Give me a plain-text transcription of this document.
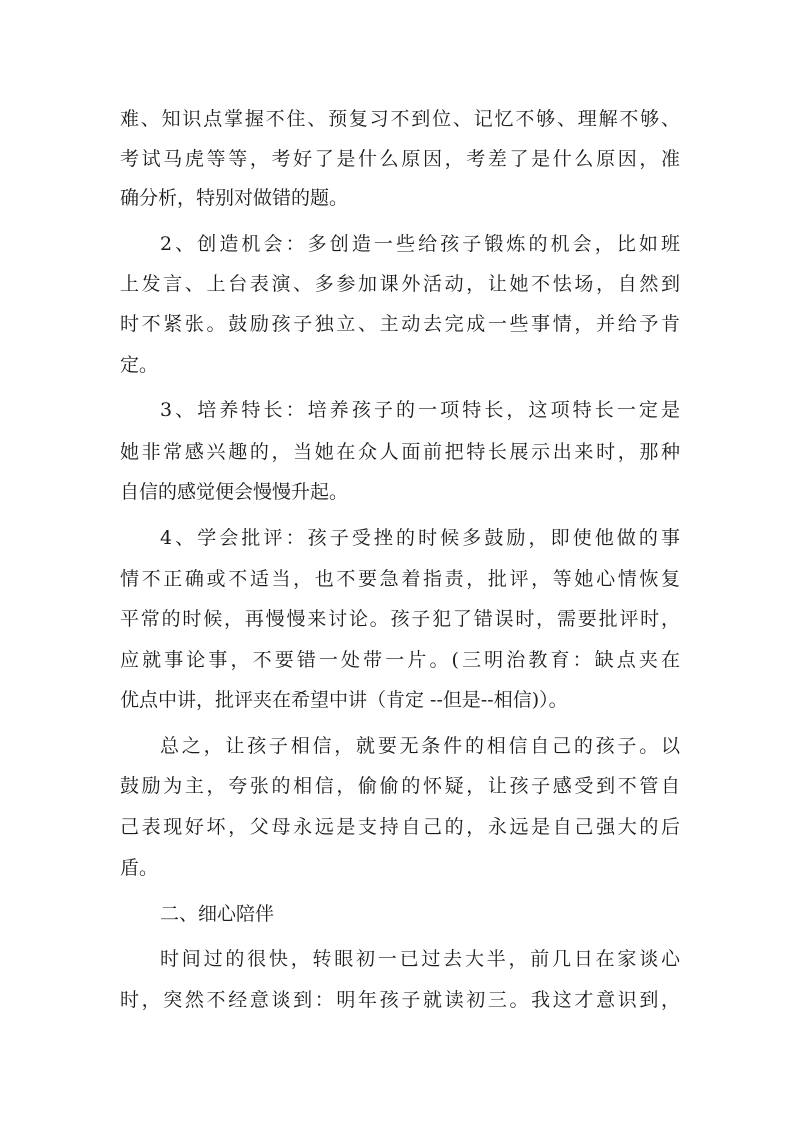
难、知识点掌握不住、预复习不到位、记忆不够、理解不够、
考试马虎等等，考好了是什么原因，考差了是什么原因，准
确分析，特别对做错的题。
2、创造机会：多创造一些给孩子锻炼的机会，比如班
上发言、上台表演、多参加课外活动，让她不怯场，自然到
时不紧张。鼓励孩子独立、主动去完成一些事情，并给予肯
定。
3、培养特长：培养孩子的一项特长，这项特长一定是
她非常感兴趣的，当她在众人面前把特长展示出来时，那种
自信的感觉便会慢慢升起。
4、学会批评：孩子受挫的时候多鼓励，即使他做的事
情不正确或不适当，也不要急着指责，批评，等她心情恢复
平常的时候，再慢慢来讨论。孩子犯了错误时，需要批评时，
应就事论事，不要错一处带一片。(三明治教育：缺点夹在
优点中讲，批评夹在希望中讲（肯定 --但是--相信)）。
总之，让孩子相信，就要无条件的相信自己的孩子。以
鼓励为主，夸张的相信，偷偷的怀疑，让孩子感受到不管自
己表现好坏，父母永远是支持自己的，永远是自己强大的后
盾。
二、细心陪伴
时间过的很快，转眼初一已过去大半，前几日在家谈心
时，突然不经意谈到：明年孩子就读初三。我这才意识到，
